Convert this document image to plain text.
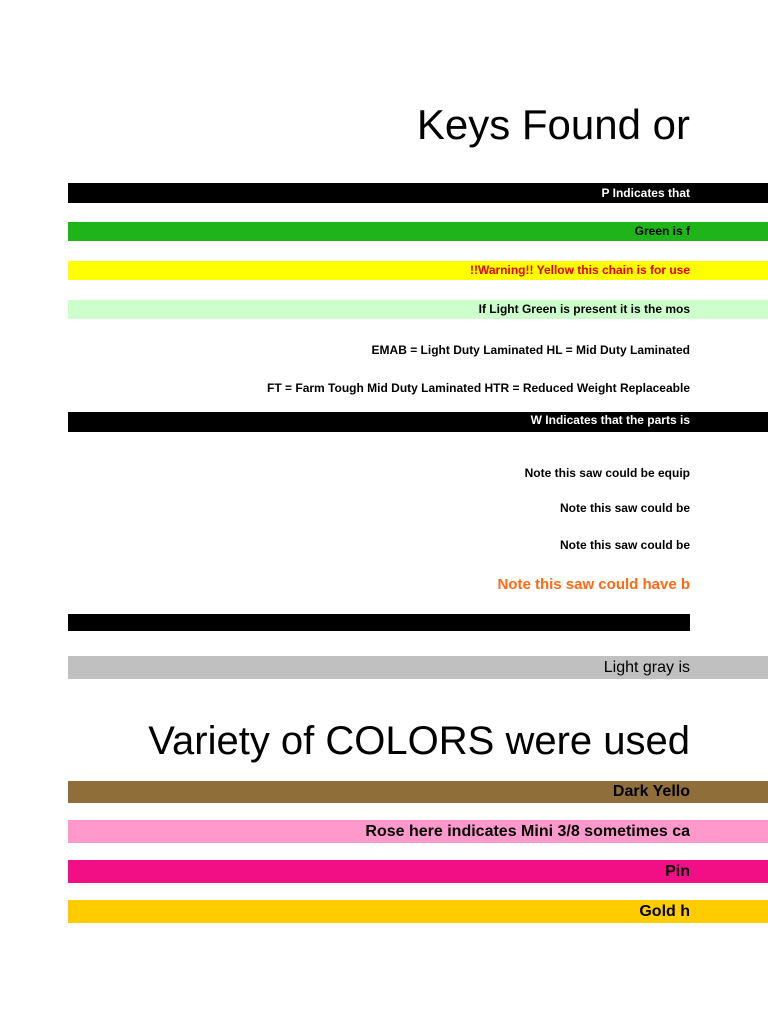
Keys Found or
P Indicates that
Green is f
!!Warning!! Yellow this chain is for use
If Light Green is present it is the mos
EMAB = Light Duty Laminated HL = Mid Duty Laminated
FT = Farm Tough Mid Duty Laminated HTR = Reduced Weight Replaceable
W Indicates that the parts is
Note this saw could be equip
Note this saw could be
Note this saw could be
Note this saw could have b
Light gray is
Variety of COLORS were used
Dark Yello
Rose here indicates Mini 3/8 sometimes ca
Pin
Gold h
